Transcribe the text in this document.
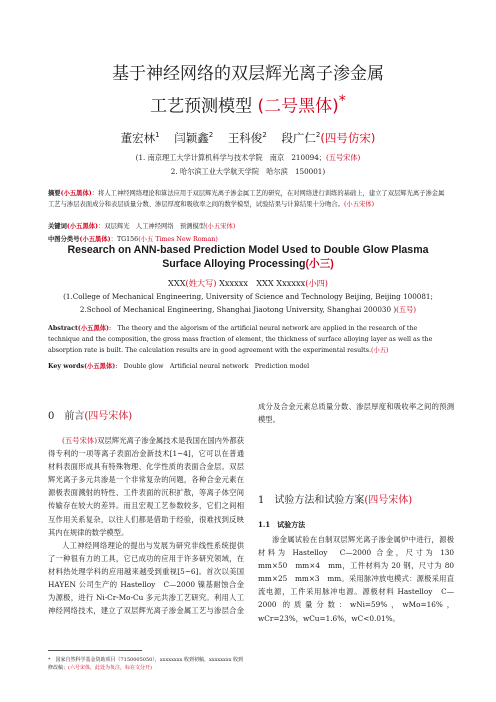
基于神经网络的双层辉光离子渗金属
工艺预测模型 (二号黑体)*
董宏林$^1$ 闫颖鑫$^2$ 王科俊$^2$ 段广仁$^2$(四号仿宋)
(1. 南京理工大学计算机科学与技术学院　南京　210094；(五号宋体)
2. 哈尔滨工业大学航天学院　哈尔滨　150001)
摘要(小五黑体)：将人工神经网络理论和算法应用于双层辉光离子渗金属工艺的研究，在对网络进行训练的基础上，建立了双层辉光离子渗金属工艺与渗层表面成分和表层质量分数、渗层厚度和吸收率之间的数学模型，试验结果与计算结果十分吻合。(小五宋体)
关键词(小五黑体)：双层辉光　人工神经网络　预测模型(小五宋体)
中图分类号(小五黑体)：TG156(小五 Times New Roman)
Research on ANN-based Prediction Model Used to Double Glow Plasma
Surface Alloying Processing(小三)
XXX(姓大写) Xxxxxx　XXX Xxxxxx(小四)
(1.College of Mechanical Engineering, University of Science and Technology Beijing, Beijing 100081;
2.School of Mechanical Engineering, Shanghai Jiaotong University, Shanghai 200030 )(五号)
Abstract(小五黑体):　The theory and the algorism of the artificial neural network are applied in the research of the technique and the composition, the gross mass fraction of element, the thickness of surface alloying layer as well as the absorption rate is built. The calculation results are in good agreement with the experimental results.(小五)
Key words(小五黑体):　Double glow　Artificial neural network　Prediction model
0　前言(四号宋体)
(五号宋体)双层辉光离子渗金属技术是我国在国内外都获得专利的一项等离子表面冶金新技术[1~4]，它可以在普通材料表面形成具有特殊物理、化学性质的表面合金层。双层辉光离子多元共渗是一个非常复杂的问题，各种合金元素在源极表面溅射的特性、工件表面的沉积扩散，等离子体空间传输存在较大的差异。而且宏观工艺参数较多，它们之间相互作用关系复杂，以往人们都是借助于经验，很难找到反映其内在规律的数学模型。
人工神经网络理论的提出与发展为研究非线性系统提供了一种很有力的工具，它已成功的应用于许多研究领域，在材料热处理学科的应用越来越受到重视[5~6]。首次以美国 HAYEN 公司生产的 Hastelloy　C—2000 镍基耐蚀合金为源极，进行 Ni-Cr-Mo-Cu 多元共渗工艺研究。利用人工神经网络技术，建立了双层辉光离子渗金属工艺与渗层合金
*　国家自然科学基金资助项目（7150005050），xxxxxxxx 收到初稿，xxxxxxxx 收到修改稿；(六号宋体，此处为负注，标在文分开)
　 成分及合金元素总质量分数、渗层厚度和吸收率之间的预测模型。
1　试验方法和试验方案(四号宋体)
1.1　试验方法
渗金属试验在自制双层辉光离子渗金属炉中进行，源极材料为 Hastelloy　C—2000 合金，尺寸为 130　mm×50　mm×4　mm，工件材料为 20 钢，尺寸为 80　mm×25　mm×3　mm。采用脉冲放电模式：源极采用直流电源，工件采用脉冲电源。源极材料 Hastelloy　C—2000 的质量分数：wNi=59%，wMo=16%，wCr=23%，wCu=1.6%，wC<0.01%。
